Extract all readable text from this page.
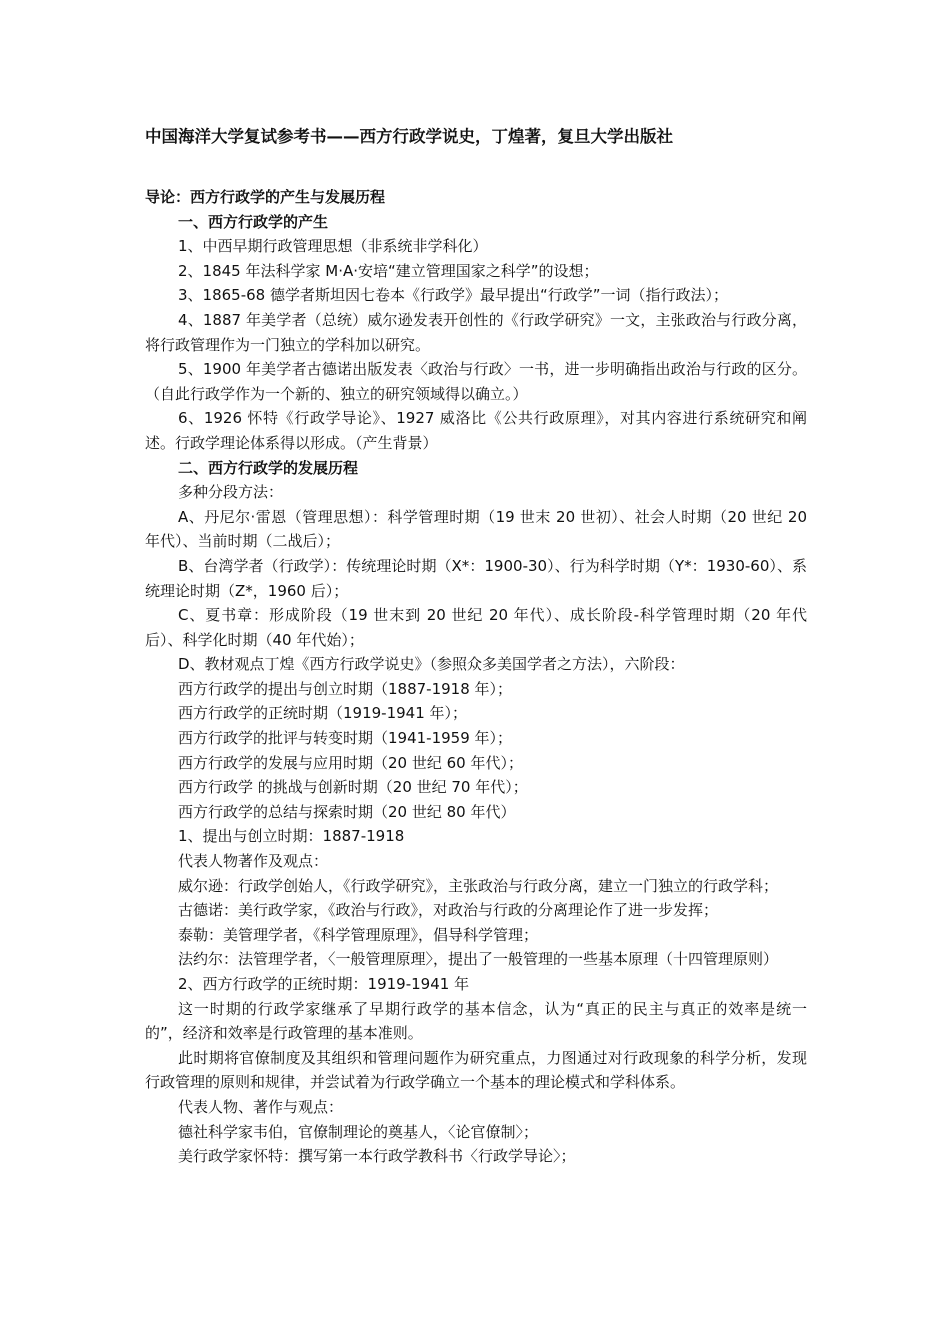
中国海洋大学复试参考书——西方行政学说史，丁煌著，复旦大学出版社

导论：西方行政学的产生与发展历程

一、西方行政学的产生

1、中西早期行政管理思想（非系统非学科化）

2、1845 年法科学家 M·A·安培“建立管理国家之科学”的设想；

3、1865-68 德学者斯坦因七卷本《行政学》最早提出“行政学”一词（指行政法）；

4、1887 年美学者（总统）威尔逊发表开创性的《行政学研究》一文，主张政治与行政分离，将行政管理作为一门独立的学科加以研究。

5、1900 年美学者古德诺出版发表〈政治与行政〉一书，进一步明确指出政治与行政的区分。（自此行政学作为一个新的、独立的研究领域得以确立。）

6、1926 怀特《行政学导论》、1927 威洛比《公共行政原理》，对其内容进行系统研究和阐述。行政学理论体系得以形成。（产生背景）

二、西方行政学的发展历程

多种分段方法：

A、丹尼尔·雷恩（管理思想）：科学管理时期（19 世末 20 世初）、社会人时期（20 世纪 20 年代）、当前时期（二战后）；

B、台湾学者（行政学）：传统理论时期（X*：1900-30）、行为科学时期（Y*：1930-60）、系统理论时期（Z*，1960 后）；

C、夏书章：形成阶段（19 世末到 20 世纪 20 年代）、成长阶段-科学管理时期（20 年代后）、科学化时期（40 年代始）；

D、教材观点丁煌《西方行政学说史》（参照众多美国学者之方法），六阶段：

西方行政学的提出与创立时期（1887-1918 年）；

西方行政学的正统时期（1919-1941 年）；

西方行政学的批评与转变时期（1941-1959 年）；

西方行政学的发展与应用时期（20 世纪 60 年代）；

西方行政学 的挑战与创新时期（20 世纪 70 年代）；

西方行政学的总结与探索时期（20 世纪 80 年代）

1、提出与创立时期：1887-1918

代表人物著作及观点：

威尔逊：行政学创始人，《行政学研究》，主张政治与行政分离，建立一门独立的行政学科；

古德诺：美行政学家，《政治与行政》，对政治与行政的分离理论作了进一步发挥；

泰勒：美管理学者，《科学管理原理》，倡导科学管理；

法约尔：法管理学者，〈一般管理原理〉，提出了一般管理的一些基本原理（十四管理原则）

2、西方行政学的正统时期：1919-1941 年

这一时期的行政学家继承了早期行政学的基本信念，认为“真正的民主与真正的效率是统一的”，经济和效率是行政管理的基本准则。

此时期将官僚制度及其组织和管理问题作为研究重点，力图通过对行政现象的科学分析，发现行政管理的原则和规律，并尝试着为行政学确立一个基本的理论模式和学科体系。

代表人物、著作与观点：

德社科学家韦伯，官僚制理论的奠基人，〈论官僚制〉；

美行政学家怀特：撰写第一本行政学教科书〈行政学导论〉；
